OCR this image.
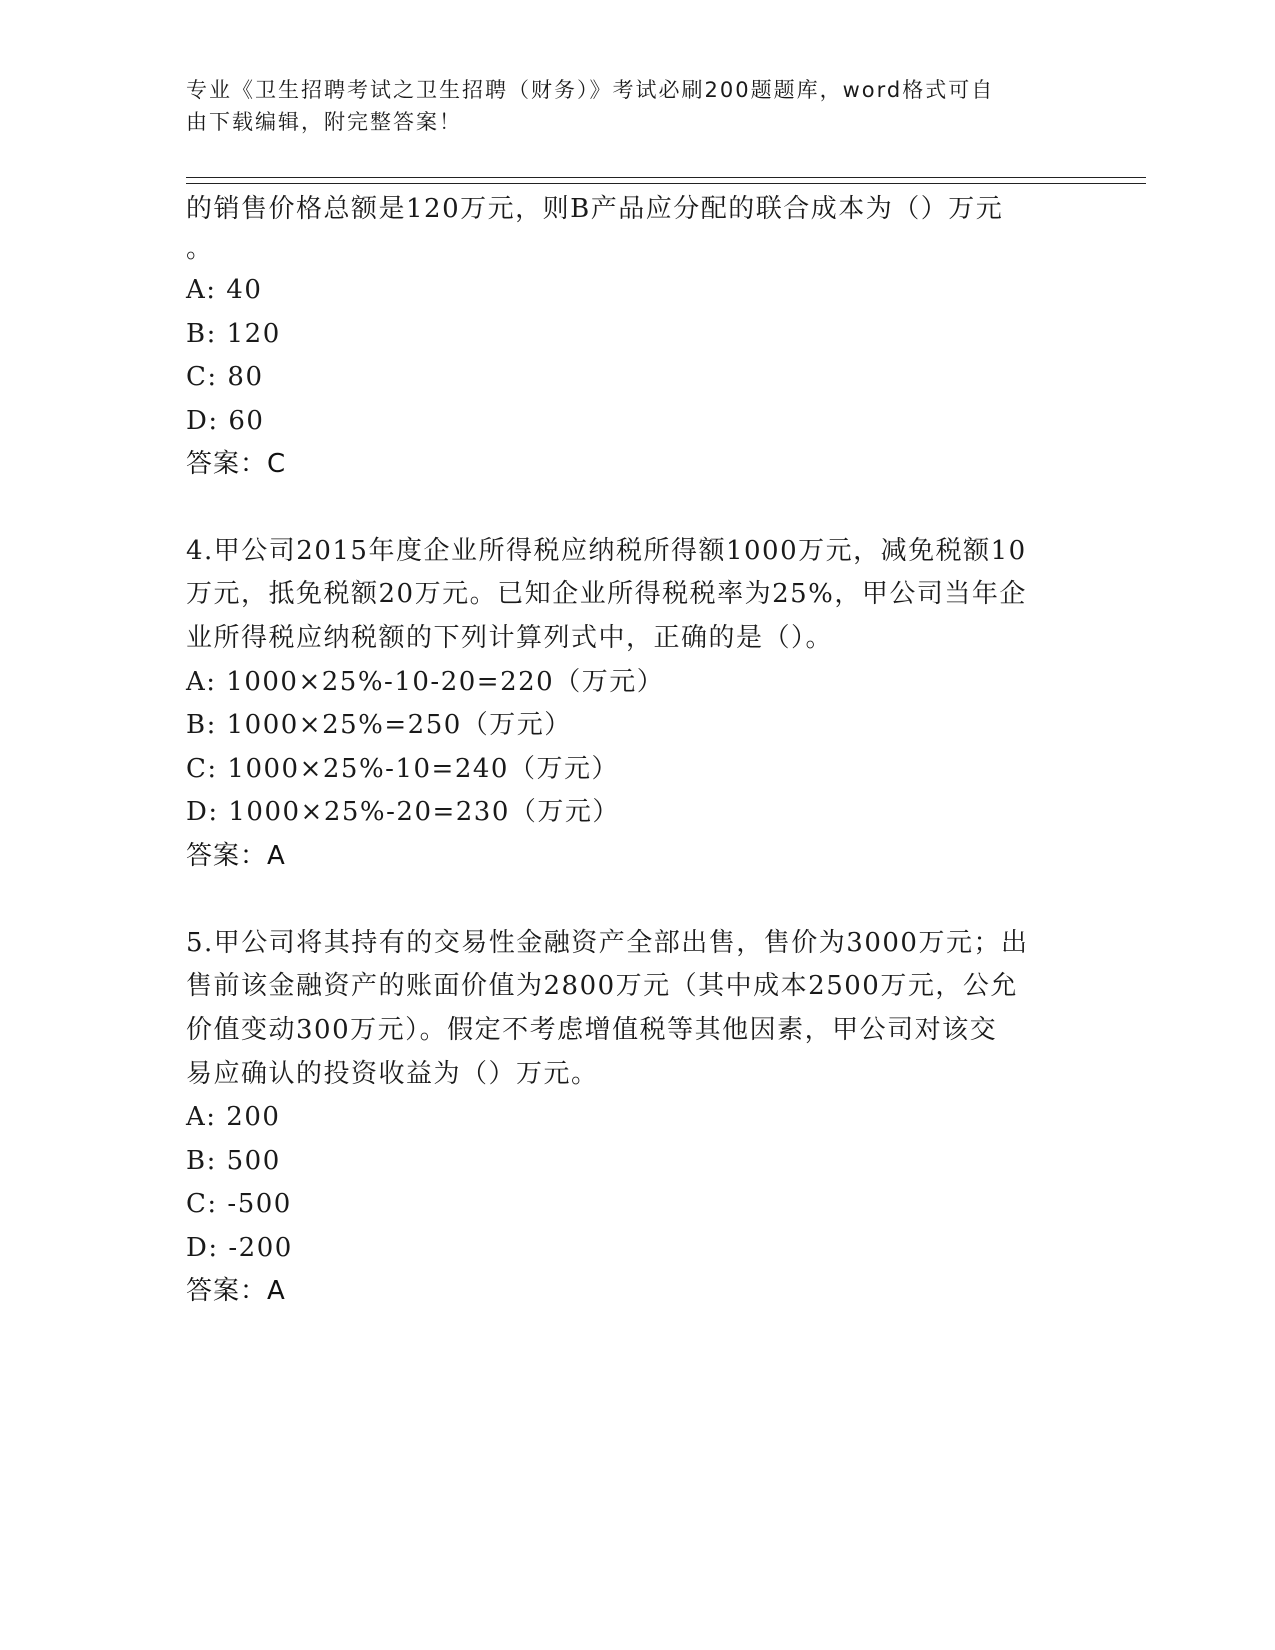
专业《卫生招聘考试之卫生招聘（财务）》考试必刷200题题库，word格式可自
由下载编辑，附完整答案！
的销售价格总额是120万元，则B产品应分配的联合成本为（）万元
。
A: 40
B: 120
C: 80
D: 60
答案：C
4.甲公司2015年度企业所得税应纳税所得额1000万元，减免税额10
万元，抵免税额20万元。已知企业所得税税率为25%，甲公司当年企
业所得税应纳税额的下列计算列式中，正确的是（）。
A: 1000×25%-10-20=220（万元）
B: 1000×25%=250（万元）
C: 1000×25%-10=240（万元）
D: 1000×25%-20=230（万元）
答案：A
5.甲公司将其持有的交易性金融资产全部出售，售价为3000万元；出
售前该金融资产的账面价值为2800万元（其中成本2500万元，公允
价值变动300万元）。假定不考虑增值税等其他因素，甲公司对该交
易应确认的投资收益为（）万元。
A: 200
B: 500
C: -500
D: -200
答案：A
